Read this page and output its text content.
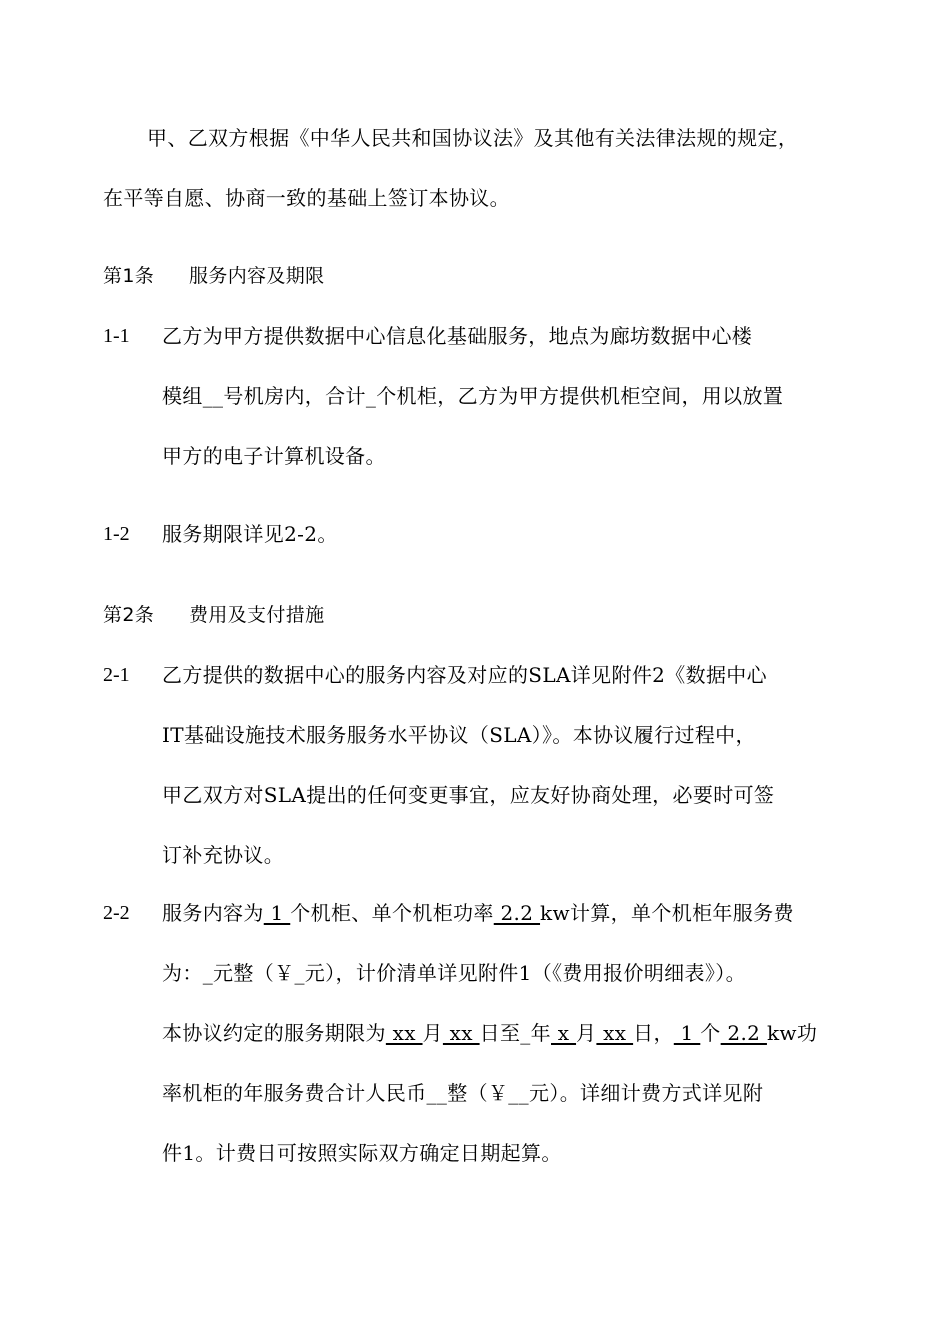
甲、乙双方根据《中华人民共和国协议法》及其他有关法律法规的规定，
在平等自愿、协商一致的基础上签订本协议。
第1条 服务内容及期限
1-1 乙方为甲方提供数据中心信息化基础服务，地点为廊坊数据中心楼
模组__号机房内，合计_个机柜，乙方为甲方提供机柜空间，用以放置
甲方的电子计算机设备。
1-2 服务期限详见2-2。
第2条 费用及支付措施
2-1 乙方提供的数据中心的服务内容及对应的SLA详见附件2《数据中心
IT基础设施技术服务服务水平协议（SLA）》。本协议履行过程中，
甲乙双方对SLA提出的任何变更事宜，应友好协商处理，必要时可签
订补充协议。
2-2 服务内容为 1 个机柜、单个机柜功率 2.2 kw计算，单个机柜年服务费
为：_元整（￥_元），计价清单详见附件1（《费用报价明细表》）。
本协议约定的服务期限为 xx 月 xx 日至_年 x 月 xx 日， 1 个 2.2 kw功
率机柜的年服务费合计人民币__整（￥__元）。详细计费方式详见附
件1。计费日可按照实际双方确定日期起算。
